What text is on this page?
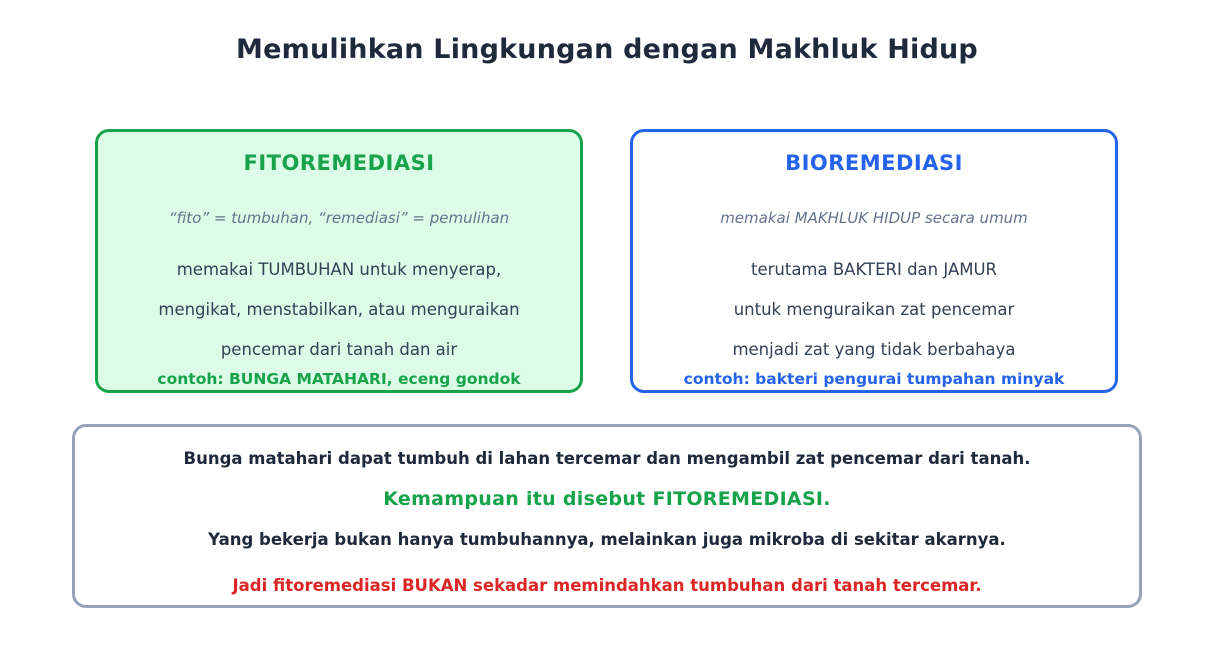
Memulihkan Lingkungan dengan Makhluk Hidup
FITOREMEDIASI
“fito” = tumbuhan, “remediasi” = pemulihan
memakai TUMBUHAN untuk menyerap,
mengikat, menstabilkan, atau menguraikan
pencemar dari tanah dan air
contoh: BUNGA MATAHARI, eceng gondok
BIOREMEDIASI
memakai MAKHLUK HIDUP secara umum
terutama BAKTERI dan JAMUR
untuk menguraikan zat pencemar
menjadi zat yang tidak berbahaya
contoh: bakteri pengurai tumpahan minyak
Bunga matahari dapat tumbuh di lahan tercemar dan mengambil zat pencemar dari tanah.
Kemampuan itu disebut FITOREMEDIASI.
Yang bekerja bukan hanya tumbuhannya, melainkan juga mikroba di sekitar akarnya.
Jadi fitoremediasi BUKAN sekadar memindahkan tumbuhan dari tanah tercemar.
